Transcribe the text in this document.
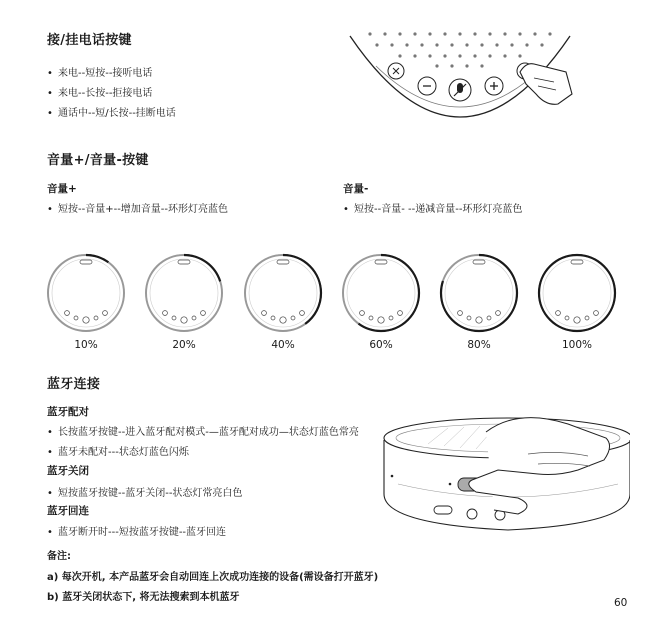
接/挂电话按键
• 来电--短按--接听电话
• 来电--长按--拒接电话
• 通话中--短/长按--挂断电话
音量+/音量-按键
音量+
• 短按--音量+--增加音量--环形灯亮蓝色
音量-
• 短按--音量- --递减音量--环形灯亮蓝色
10%	20%	40%	60%	80%	100%
蓝牙连接
蓝牙配对
• 长按蓝牙按键--进入蓝牙配对模式-—蓝牙配对成功—状态灯蓝色常亮
• 蓝牙未配对---状态灯蓝色闪烁
蓝牙关闭
• 短按蓝牙按键--蓝牙关闭--状态灯常亮白色
蓝牙回连
• 蓝牙断开时---短按蓝牙按键--蓝牙回连
备注:
a) 每次开机, 本产品蓝牙会自动回连上次成功连接的设备(需设备打开蓝牙)
b) 蓝牙关闭状态下, 将无法搜索到本机蓝牙	60
